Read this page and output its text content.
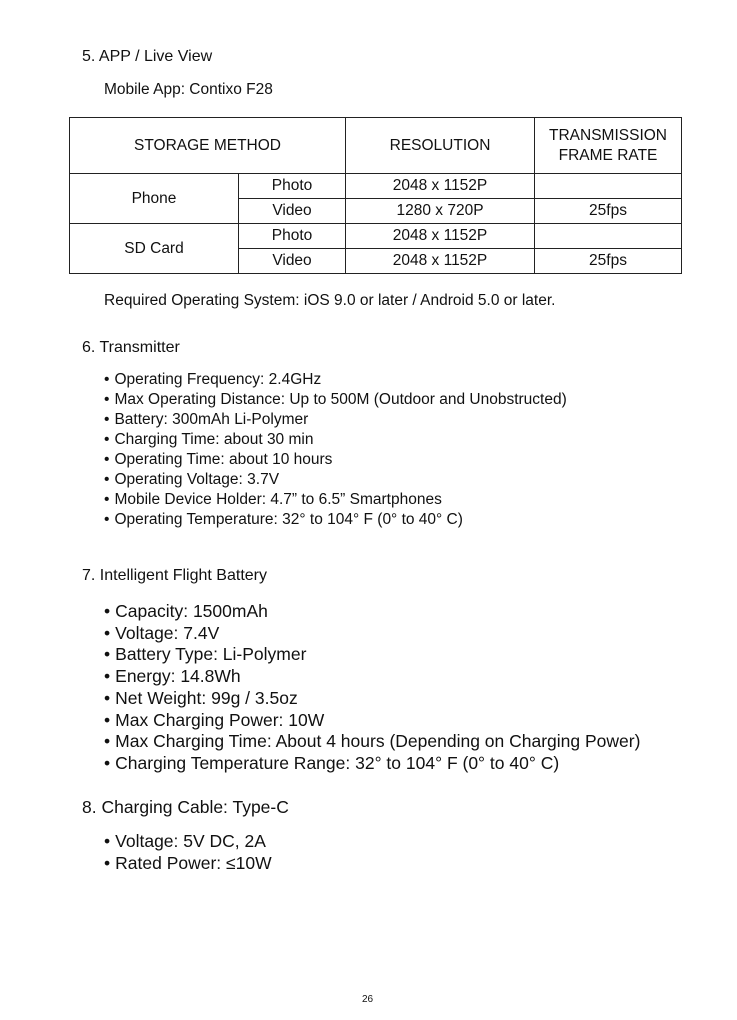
5. APP / Live View
Mobile App: Contixo F28
STORAGE METHOD		RESOLUTION	TRANSMISSION
FRAME RATE
Phone	Photo	2048 x 1152P	
	Video	1280 x 720P	25fps
SD Card	Photo	2048 x 1152P	
	Video	2048 x 1152P	25fps
Required Operating System: iOS 9.0 or later / Android 5.0 or later.
6. Transmitter
• Operating Frequency: 2.4GHz
• Max Operating Distance: Up to 500M (Outdoor and Unobstructed)
• Battery: 300mAh Li-Polymer
• Charging Time: about 30 min
• Operating Time: about 10 hours
• Operating Voltage: 3.7V
• Mobile Device Holder: 4.7” to 6.5” Smartphones
• Operating Temperature: 32° to 104° F (0° to 40° C)
7. Intelligent Flight Battery
• Capacity: 1500mAh
• Voltage: 7.4V
• Battery Type: Li-Polymer
• Energy: 14.8Wh
• Net Weight: 99g / 3.5oz
• Max Charging Power: 10W
• Max Charging Time: About 4 hours (Depending on Charging Power)
• Charging Temperature Range: 32° to 104° F (0° to 40° C)
8. Charging Cable: Type-C
• Voltage: 5V DC, 2A
• Rated Power: ≤10W
26
